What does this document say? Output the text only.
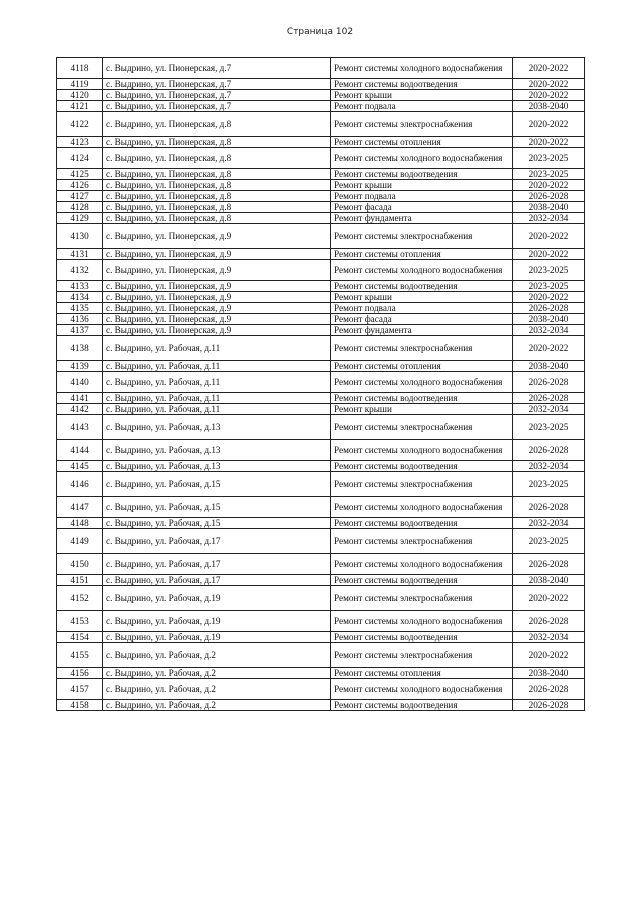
Страница 102
4118	с. Выдрино, ул. Пионерская, д.7	Ремонт системы холодного водоснабжения	2020-2022
4119	с. Выдрино, ул. Пионерская, д.7	Ремонт системы водоотведения	2020-2022
4120	с. Выдрино, ул. Пионерская, д.7	Ремонт крыши	2020-2022
4121	с. Выдрино, ул. Пионерская, д.7	Ремонт подвала	2038-2040
4122	с. Выдрино, ул. Пионерская, д.8	Ремонт системы электроснабжения	2020-2022
4123	с. Выдрино, ул. Пионерская, д.8	Ремонт системы отопления	2020-2022
4124	с. Выдрино, ул. Пионерская, д.8	Ремонт системы холодного водоснабжения	2023-2025
4125	с. Выдрино, ул. Пионерская, д.8	Ремонт системы водоотведения	2023-2025
4126	с. Выдрино, ул. Пионерская, д.8	Ремонт крыши	2020-2022
4127	с. Выдрино, ул. Пионерская, д.8	Ремонт подвала	2026-2028
4128	с. Выдрино, ул. Пионерская, д.8	Ремонт фасада	2038-2040
4129	с. Выдрино, ул. Пионерская, д.8	Ремонт фундамента	2032-2034
4130	с. Выдрино, ул. Пионерская, д.9	Ремонт системы электроснабжения	2020-2022
4131	с. Выдрино, ул. Пионерская, д.9	Ремонт системы отопления	2020-2022
4132	с. Выдрино, ул. Пионерская, д.9	Ремонт системы холодного водоснабжения	2023-2025
4133	с. Выдрино, ул. Пионерская, д.9	Ремонт системы водоотведения	2023-2025
4134	с. Выдрино, ул. Пионерская, д.9	Ремонт крыши	2020-2022
4135	с. Выдрино, ул. Пионерская, д.9	Ремонт подвала	2026-2028
4136	с. Выдрино, ул. Пионерская, д.9	Ремонт фасада	2038-2040
4137	с. Выдрино, ул. Пионерская, д.9	Ремонт фундамента	2032-2034
4138	с. Выдрино, ул. Рабочая, д.11	Ремонт системы электроснабжения	2020-2022
4139	с. Выдрино, ул. Рабочая, д.11	Ремонт системы отопления	2038-2040
4140	с. Выдрино, ул. Рабочая, д.11	Ремонт системы холодного водоснабжения	2026-2028
4141	с. Выдрино, ул. Рабочая, д.11	Ремонт системы водоотведения	2026-2028
4142	с. Выдрино, ул. Рабочая, д.11	Ремонт крыши	2032-2034
4143	с. Выдрино, ул. Рабочая, д.13	Ремонт системы электроснабжения	2023-2025
4144	с. Выдрино, ул. Рабочая, д.13	Ремонт системы холодного водоснабжения	2026-2028
4145	с. Выдрино, ул. Рабочая, д.13	Ремонт системы водоотведения	2032-2034
4146	с. Выдрино, ул. Рабочая, д.15	Ремонт системы электроснабжения	2023-2025
4147	с. Выдрино, ул. Рабочая, д.15	Ремонт системы холодного водоснабжения	2026-2028
4148	с. Выдрино, ул. Рабочая, д.15	Ремонт системы водоотведения	2032-2034
4149	с. Выдрино, ул. Рабочая, д.17	Ремонт системы электроснабжения	2023-2025
4150	с. Выдрино, ул. Рабочая, д.17	Ремонт системы холодного водоснабжения	2026-2028
4151	с. Выдрино, ул. Рабочая, д.17	Ремонт системы водоотведения	2038-2040
4152	с. Выдрино, ул. Рабочая, д.19	Ремонт системы электроснабжения	2020-2022
4153	с. Выдрино, ул. Рабочая, д.19	Ремонт системы холодного водоснабжения	2026-2028
4154	с. Выдрино, ул. Рабочая, д.19	Ремонт системы водоотведения	2032-2034
4155	с. Выдрино, ул. Рабочая, д.2	Ремонт системы электроснабжения	2020-2022
4156	с. Выдрино, ул. Рабочая, д.2	Ремонт системы отопления	2038-2040
4157	с. Выдрино, ул. Рабочая, д.2	Ремонт системы холодного водоснабжения	2026-2028
4158	с. Выдрино, ул. Рабочая, д.2	Ремонт системы водоотведения	2026-2028
